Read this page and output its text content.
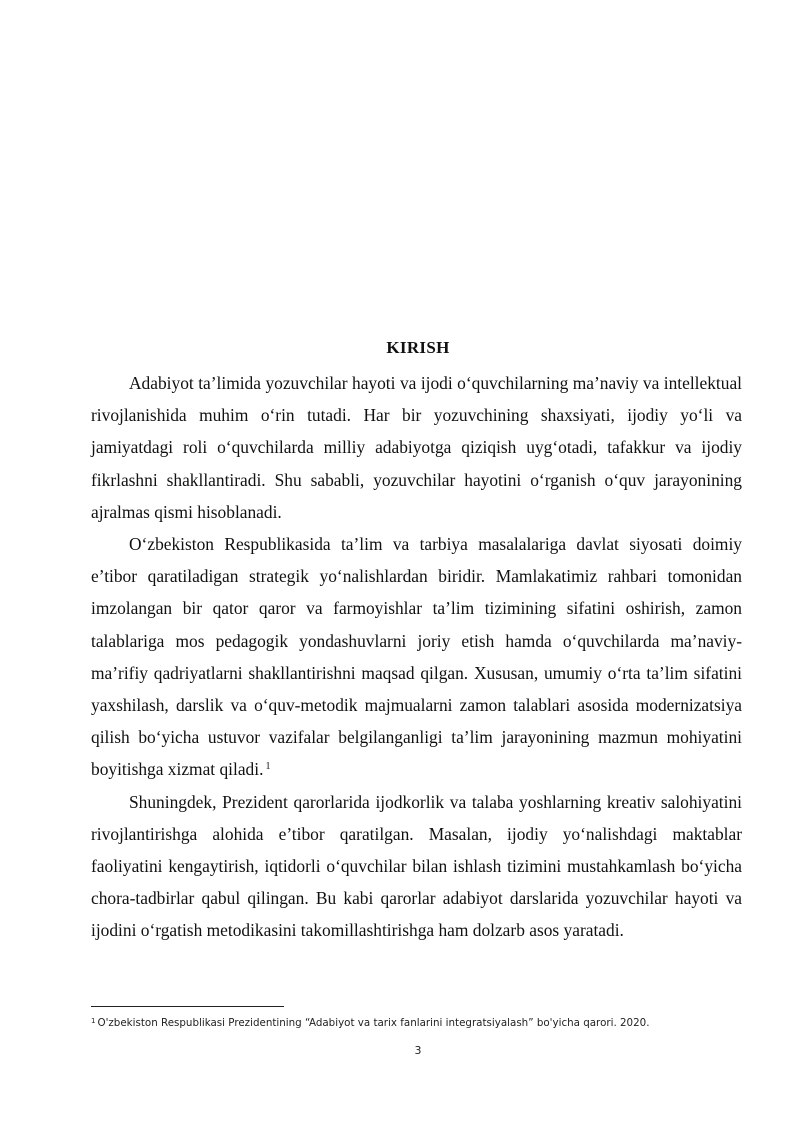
KIRISH

Adabiyot ta’limida yozuvchilar hayoti va ijodi o‘quvchilarning ma’naviy va intellektual rivojlanishida muhim o‘rin tutadi. Har bir yozuvchining shaxsiyati, ijodiy yo‘li va jamiyatdagi roli o‘quvchilarda milliy adabiyotga qiziqish uyg‘otadi, tafakkur va ijodiy fikrlashni shakllantiradi. Shu sababli, yozuvchilar hayotini o‘rganish o‘quv jarayonining ajralmas qismi hisoblanadi.

O‘zbekiston Respublikasida ta’lim va tarbiya masalalariga davlat siyosati doimiy e’tibor qaratiladigan strategik yo‘nalishlardan biridir. Mamlakatimiz rahbari tomonidan imzolangan bir qator qaror va farmoyishlar ta’lim tizimining sifatini oshirish, zamon talablariga mos pedagogik yondashuvlarni joriy etish hamda o‘quvchilarda ma’naviy-ma’rifiy qadriyatlarni shakllantirishni maqsad qilgan. Xususan, umumiy o‘rta ta’lim sifatini yaxshilash, darslik va o‘quv-metodik majmualarni zamon talablari asosida modernizatsiya qilish bo‘yicha ustuvor vazifalar belgilanganligi ta’lim jarayonining mazmun mohiyatini boyitishga xizmat qiladi. $^1$

Shuningdek, Prezident qarorlarida ijodkorlik va talaba yoshlarning kreativ salohiyatini rivojlantirishga alohida e’tibor qaratilgan. Masalan, ijodiy yo‘nalishdagi maktablar faoliyatini kengaytirish, iqtidorli o‘quvchilar bilan ishlash tizimini mustahkamlash bo‘yicha chora-tadbirlar qabul qilingan. Bu kabi qarorlar adabiyot darslarida yozuvchilar hayoti va ijodini o‘rgatish metodikasini takomillashtirishga ham dolzarb asos yaratadi.

$^1$ O'zbekiston Respublikasi Prezidentining “Adabiyot va tarix fanlarini integratsiyalash” bo'yicha qarori. 2020.
3
